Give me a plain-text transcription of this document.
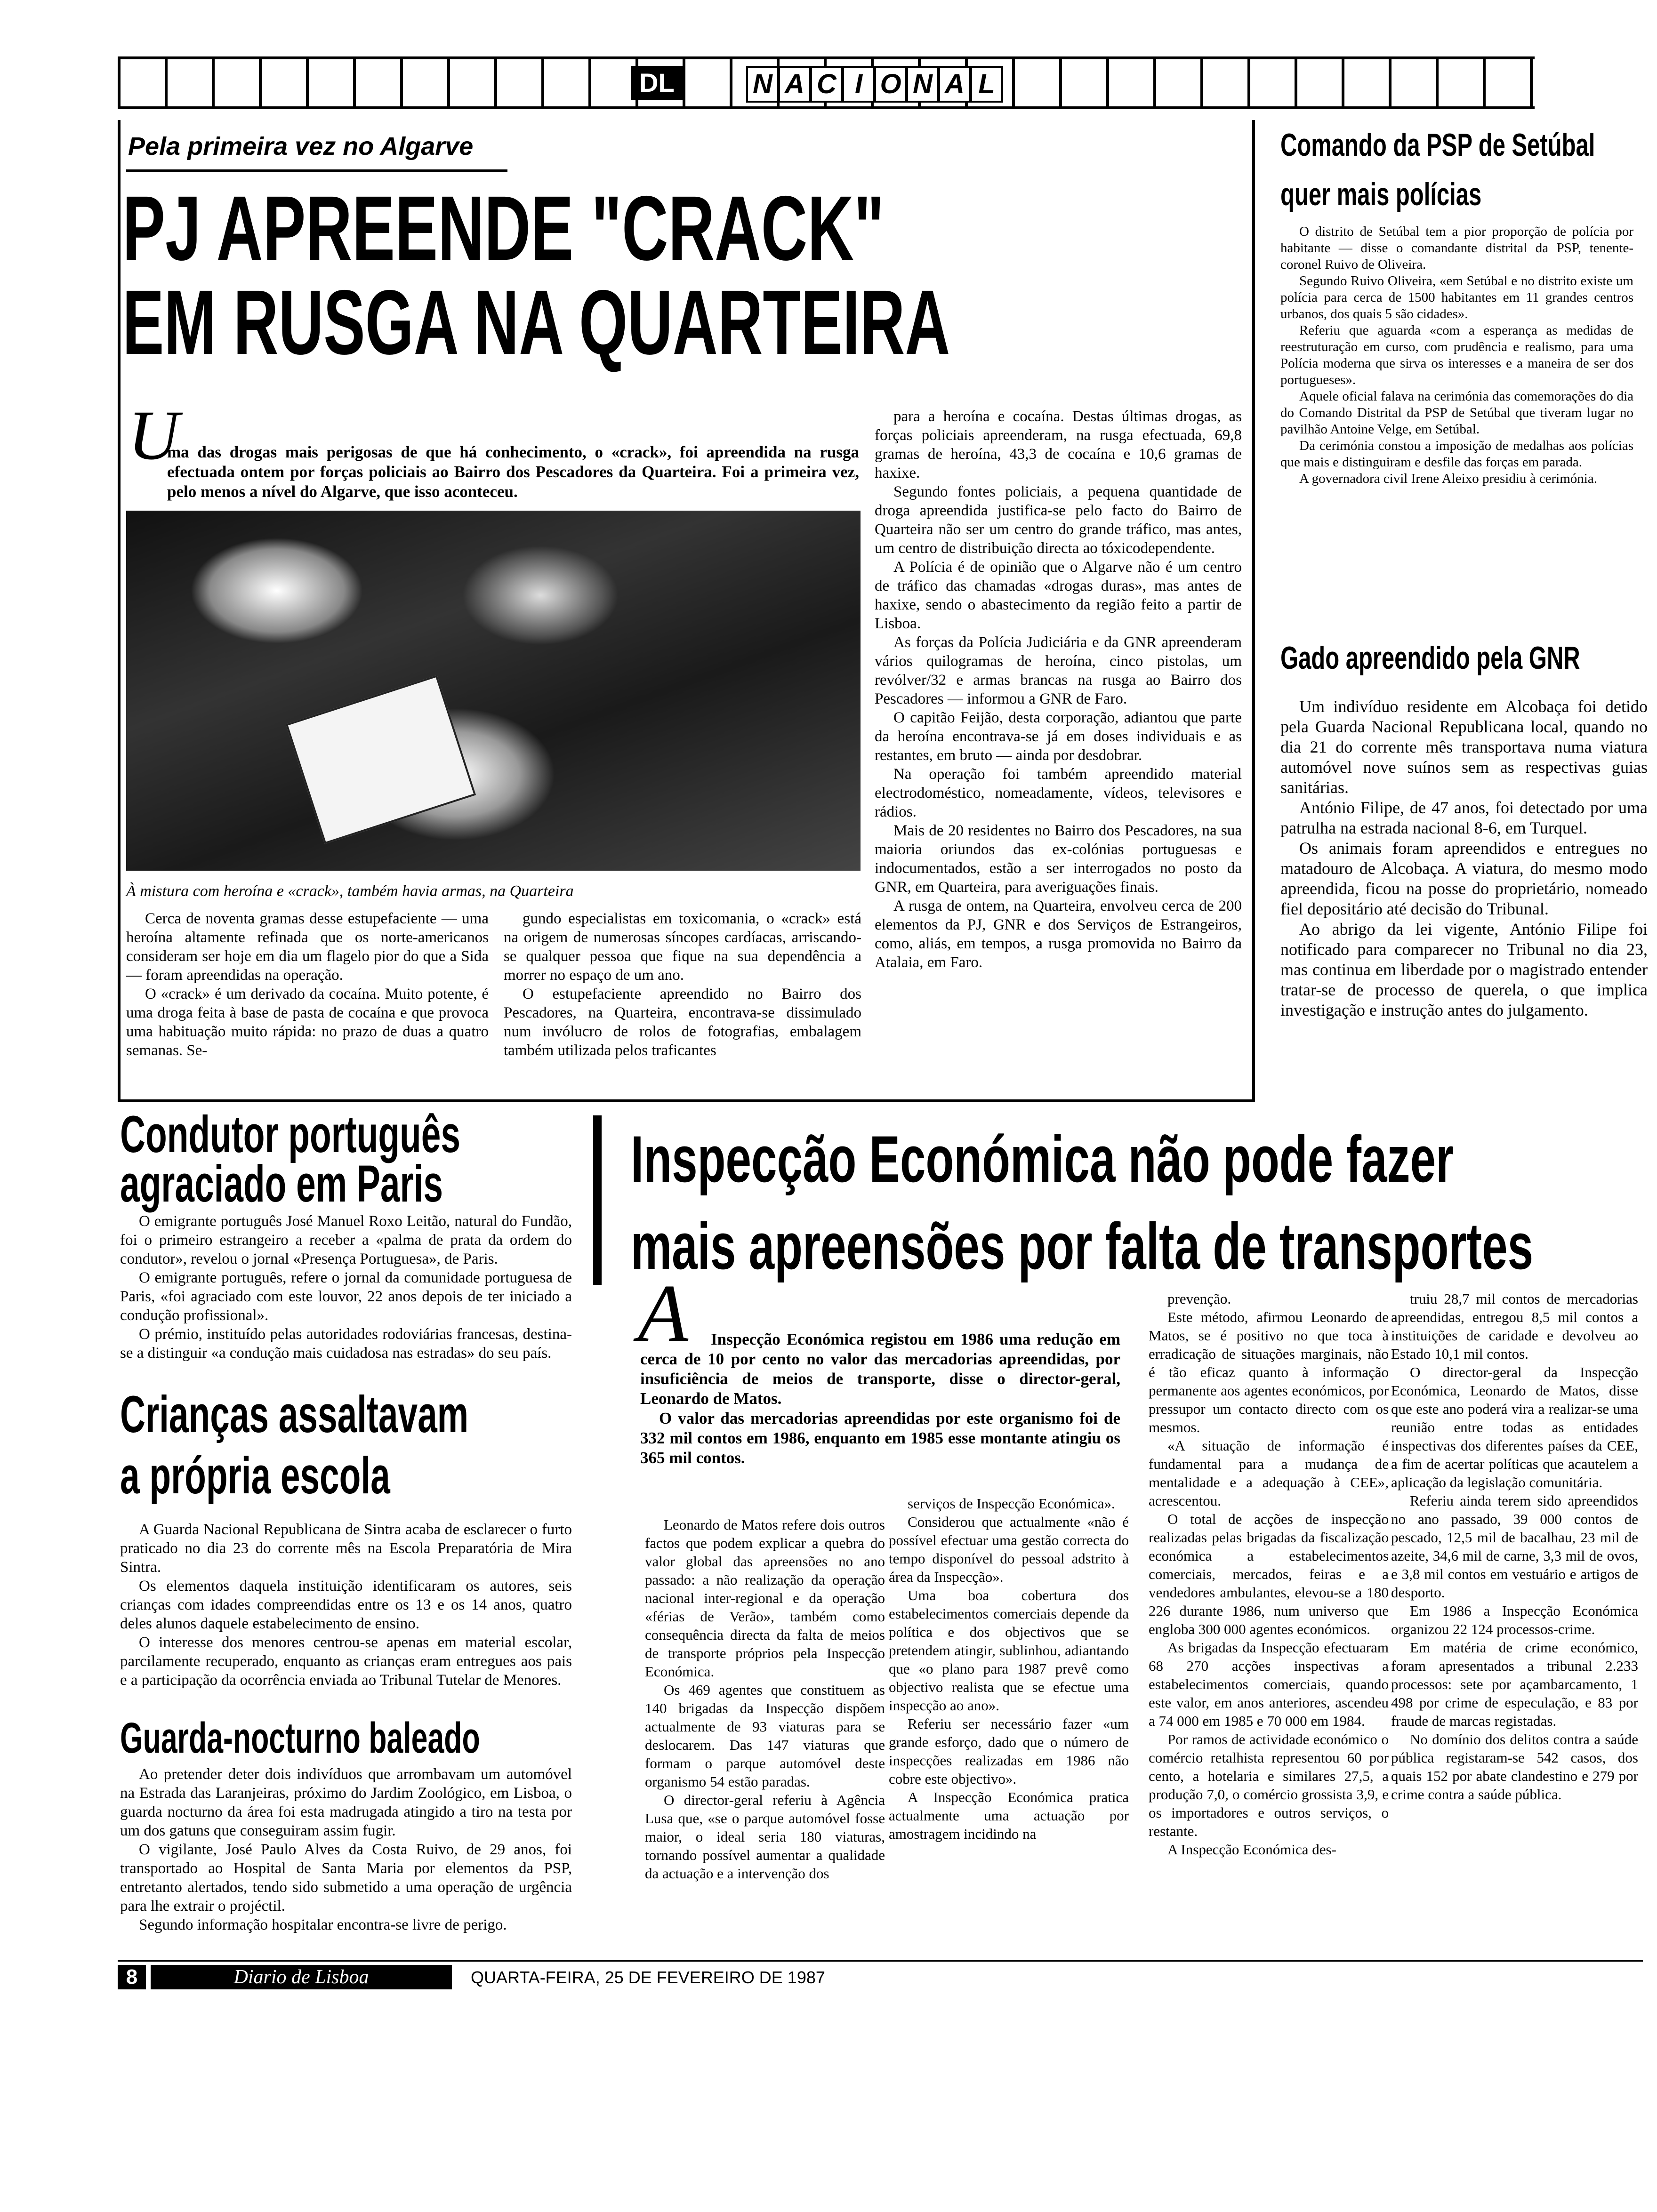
DL	N A C I O N A L
Pela primeira vez no Algarve
PJ APREENDE "CRACK"
EM RUSGA NA QUARTEIRA
U
ma das drogas mais perigosas de que há conhecimento, o «crack», foi apreendida na rusga efectuada ontem por forças policiais ao Bairro dos Pescadores da Quarteira. Foi a primeira vez, pelo menos a nível do Algarve, que isso aconteceu.
À mistura com heroína e «crack», também havia armas, na Quarteira

Cerca de noventa gramas desse estupefaciente — uma heroína altamente refinada que os norte-americanos consideram ser hoje em dia um flagelo pior do que a Sida — foram apreendidas na operação.

O «crack» é um derivado da cocaína. Muito potente, é uma droga feita à base de pasta de cocaína e que provoca uma habituação muito rápida: no prazo de duas a quatro semanas. Se-

gundo especialistas em toxicomania, o «crack» está na origem de numerosas síncopes cardíacas, arriscando-se qualquer pessoa que fique na sua dependência a morrer no espaço de um ano.

O estupefaciente apreendido no Bairro dos Pescadores, na Quarteira, encontrava-se dissimulado num invólucro de rolos de fotografias, embalagem também utilizada pelos traficantes

para a heroína e cocaína. Destas últimas drogas, as forças policiais apreenderam, na rusga efectuada, 69,8 gramas de heroína, 43,3 de cocaína e 10,6 gramas de haxixe.

Segundo fontes policiais, a pequena quantidade de droga apreendida justifica-se pelo facto do Bairro de Quarteira não ser um centro do grande tráfico, mas antes, um centro de distribuição directa ao tóxicodependente.

A Polícia é de opinião que o Algarve não é um centro de tráfico das chamadas «drogas duras», mas antes de haxixe, sendo o abastecimento da região feito a partir de Lisboa.

As forças da Polícia Judiciária e da GNR apreenderam vários quilogramas de heroína, cinco pistolas, um revólver/32 e armas brancas na rusga ao Bairro dos Pescadores — informou a GNR de Faro.

O capitão Feijão, desta corporação, adiantou que parte da heroína encontrava-se já em doses individuais e as restantes, em bruto — ainda por desdobrar.

Na operação foi também apreendido material electrodoméstico, nomeadamente, vídeos, televisores e rádios.

Mais de 20 residentes no Bairro dos Pescadores, na sua maioria oriundos das ex-colónias portuguesas e indocumentados, estão a ser interrogados no posto da GNR, em Quarteira, para averiguações finais.

A rusga de ontem, na Quarteira, envolveu cerca de 200 elementos da PJ, GNR e dos Serviços de Estrangeiros, como, aliás, em tempos, a rusga promovida no Bairro da Atalaia, em Faro.

Comando da PSP de Setúbal
quer mais polícias

O distrito de Setúbal tem a pior proporção de polícia por habitante — disse o comandante distrital da PSP, tenente-coronel Ruivo de Oliveira.

Segundo Ruivo Oliveira, «em Setúbal e no distrito existe um polícia para cerca de 1500 habitantes em 11 grandes centros urbanos, dos quais 5 são cidades».

Referiu que aguarda «com a esperança as medidas de reestruturação em curso, com prudência e realismo, para uma Polícia moderna que sirva os interesses e a maneira de ser dos portugueses».

Aquele oficial falava na cerimónia das comemorações do dia do Comando Distrital da PSP de Setúbal que tiveram lugar no pavilhão Antoine Velge, em Setúbal.

Da cerimónia constou a imposição de medalhas aos polícias que mais e distinguiram e desfile das forças em parada.

A governadora civil Irene Aleixo presidiu à cerimónia.

Gado apreendido pela GNR

Um indivíduo residente em Alcobaça foi detido pela Guarda Nacional Republicana local, quando no dia 21 do corrente mês transportava numa viatura automóvel nove suínos sem as respectivas guias sanitárias.

António Filipe, de 47 anos, foi detectado por uma patrulha na estrada nacional 8-6, em Turquel.

Os animais foram apreendidos e entregues no matadouro de Alcobaça. A viatura, do mesmo modo apreendida, ficou na posse do proprietário, nomeado fiel depositário até decisão do Tribunal.

Ao abrigo da lei vigente, António Filipe foi notificado para comparecer no Tribunal no dia 23, mas continua em liberdade por o magistrado entender tratar-se de processo de querela, o que implica investigação e instrução antes do julgamento.

Condutor português
agraciado em Paris

O emigrante português José Manuel Roxo Leitão, natural do Fundão, foi o primeiro estrangeiro a receber a «palma de prata da ordem do condutor», revelou o jornal «Presença Portuguesa», de Paris.

O emigrante português, refere o jornal da comunidade portuguesa de Paris, «foi agraciado com este louvor, 22 anos depois de ter iniciado a condução profissional».

O prémio, instituído pelas autoridades rodoviárias francesas, destina-se a distinguir «a condução mais cuidadosa nas estradas» do seu país.

Crianças assaltavam
a própria escola

A Guarda Nacional Republicana de Sintra acaba de esclarecer o furto praticado no dia 23 do corrente mês na Escola Preparatória de Mira Sintra.

Os elementos daquela instituição identificaram os autores, seis crianças com idades compreendidas entre os 13 e os 14 anos, quatro deles alunos daquele estabelecimento de ensino.

O interesse dos menores centrou-se apenas em material escolar, parcilamente recuperado, enquanto as crianças eram entregues aos pais e a participação da ocorrência enviada ao Tribunal Tutelar de Menores.

Guarda-nocturno baleado

Ao pretender deter dois indivíduos que arrombavam um automóvel na Estrada das Laranjeiras, próximo do Jardim Zoológico, em Lisboa, o guarda nocturno da área foi esta madrugada atingido a tiro na testa por um dos gatuns que conseguiram assim fugir.

O vigilante, José Paulo Alves da Costa Ruivo, de 29 anos, foi transportado ao Hospital de Santa Maria por elementos da PSP, entretanto alertados, tendo sido submetido a uma operação de urgência para lhe extrair o projéctil.

Segundo informação hospitalar encontra-se livre de perigo.

Inspecção Económica não pode fazer
mais apreensões por falta de transportes
A	Inspecção Económica registou em 1986 uma redução em cerca de 10 por cento no valor das mercadorias apreendidas, por insuficiência de meios de transporte, disse o director-geral, Leonardo de Matos.

O valor das mercadorias apreendidas por este organismo foi de 332 mil contos em 1986, enquanto em 1985 esse montante atingiu os 365 mil contos.

Leonardo de Matos refere dois outros factos que podem explicar a quebra do valor global das apreensões no ano passado: a não realização da operação nacional inter-regional e da operação «férias de Verão», também como consequência directa da falta de meios de transporte próprios pela Inspecção Económica.

Os 469 agentes que constituem as 140 brigadas da Inspecção dispõem actualmente de 93 viaturas para se deslocarem. Das 147 viaturas que formam o parque automóvel deste organismo 54 estão paradas.

O director-geral referiu à Agência Lusa que, «se o parque automóvel fosse maior, o ideal seria 180 viaturas, tornando possível aumentar a qualidade da actuação e a intervenção dos

serviços de Inspecção Económica».

Considerou que actualmente «não é possível efectuar uma gestão correcta do tempo disponível do pessoal adstrito à área da Inspecção».

Uma boa cobertura dos estabelecimentos comerciais depende da política e dos objectivos que se pretendem atingir, sublinhou, adiantando que «o plano para 1987 prevê como objectivo realista que se efectue uma inspecção ao ano».

Referiu ser necessário fazer «um grande esforço, dado que o número de inspecções realizadas em 1986 não cobre este objectivo».

A Inspecção Económica pratica actualmente uma actuação por amostragem incidindo na

prevenção.

Este método, afirmou Leonardo de Matos, se é positivo no que toca à erradicação de situações marginais, não é tão eficaz quanto à informação permanente aos agentes económicos, por pressupor um contacto directo com os mesmos.

«A situação de informação é fundamental para a mudança de mentalidade e a adequação à CEE», acrescentou.

O total de acções de inspecção realizadas pelas brigadas da fiscalização económica a estabelecimentos comerciais, mercados, feiras e a vendedores ambulantes, elevou-se a 180 226 durante 1986, num universo que engloba 300 000 agentes económicos.

As brigadas da Inspecção efectuaram 68 270 acções inspectivas a estabelecimentos comerciais, quando este valor, em anos anteriores, ascendeu a 74 000 em 1985 e 70 000 em 1984.

Por ramos de actividade económico o comércio retalhista representou 60 por cento, a hotelaria e similares 27,5, a produção 7,0, o comércio grossista 3,9, e os importadores e outros serviços, o restante.

A Inspecção Económica des-

truiu 28,7 mil contos de mercadorias apreendidas, entregou 8,5 mil contos a instituições de caridade e devolveu ao Estado 10,1 mil contos.

O director-geral da Inspecção Económica, Leonardo de Matos, disse que este ano poderá vira a realizar-se uma reunião entre todas as entidades inspectivas dos diferentes países da CEE, a fim de acertar políticas que acautelem a aplicação da legislação comunitária.

Referiu ainda terem sido apreendidos no ano passado, 39 000 contos de pescado, 12,5 mil de bacalhau, 23 mil de azeite, 34,6 mil de carne, 3,3 mil de ovos, e 3,8 mil contos em vestuário e artigos de desporto.

Em 1986 a Inspecção Económica organizou 22 124 processos-crime.

Em matéria de crime económico, foram apresentados a tribunal 2.233 processos: sete por açambarcamento, 1 498 por crime de especulação, e 83 por fraude de marcas registadas.

No domínio dos delitos contra a saúde pública registaram-se 542 casos, dos quais 152 por abate clandestino e 279 por crime contra a saúde pública.

8	Diario de Lisboa	QUARTA-FEIRA, 25 DE FEVEREIRO DE 1987
